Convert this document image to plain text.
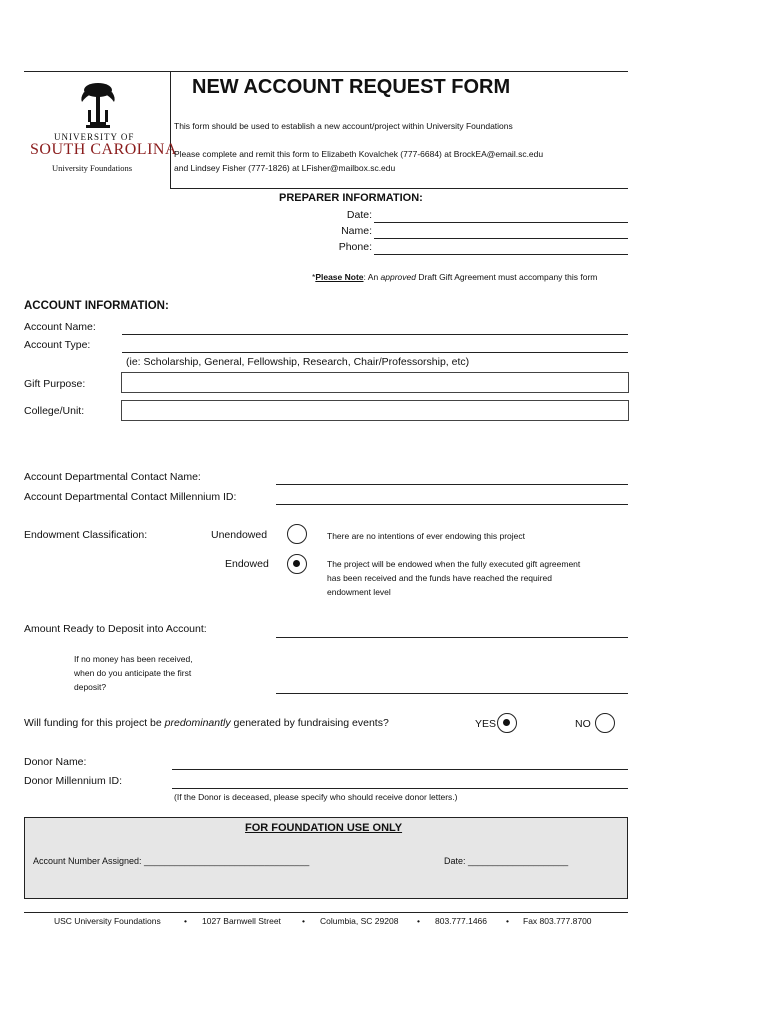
UNIVERSITY OF
SOUTH CAROLINA
University Foundations
NEW ACCOUNT REQUEST FORM
This form should be used to establish a new account/project within University Foundations
Please complete and remit this form to Elizabeth Kovalchek (777-6684) at BrockEA@email.sc.edu
and Lindsey Fisher (777-1826) at LFisher@mailbox.sc.edu
PREPARER INFORMATION:
Date:
Name:
Phone:
*Please Note: An approved Draft Gift Agreement must accompany this form
ACCOUNT INFORMATION:
Account Name:
Account Type:
(ie: Scholarship, General, Fellowship, Research, Chair/Professorship, etc)
Gift Purpose:
College/Unit:
Account Departmental Contact Name:
Account Departmental Contact Millennium ID:
Endowment Classification:	Unendowed	There are no intentions of ever endowing this project
Endowed	The project will be endowed when the fully executed gift agreement
has been received and the funds have reached the required
endowment level
Amount Ready to Deposit into Account:
If no money has been received,
when do you anticipate the first
deposit?
Will funding for this project be predominantly generated by fundraising events?	YES	NO
Donor Name:
Donor Millennium ID:
(If the Donor is deceased, please specify who should receive donor letters.)
FOR FOUNDATION USE ONLY
Account Number Assigned: _________________________________	Date: ____________________
USC University Foundations	• 1027 Barnwell Street • Columbia, SC 29208 • 803.777.1466 • Fax 803.777.8700
